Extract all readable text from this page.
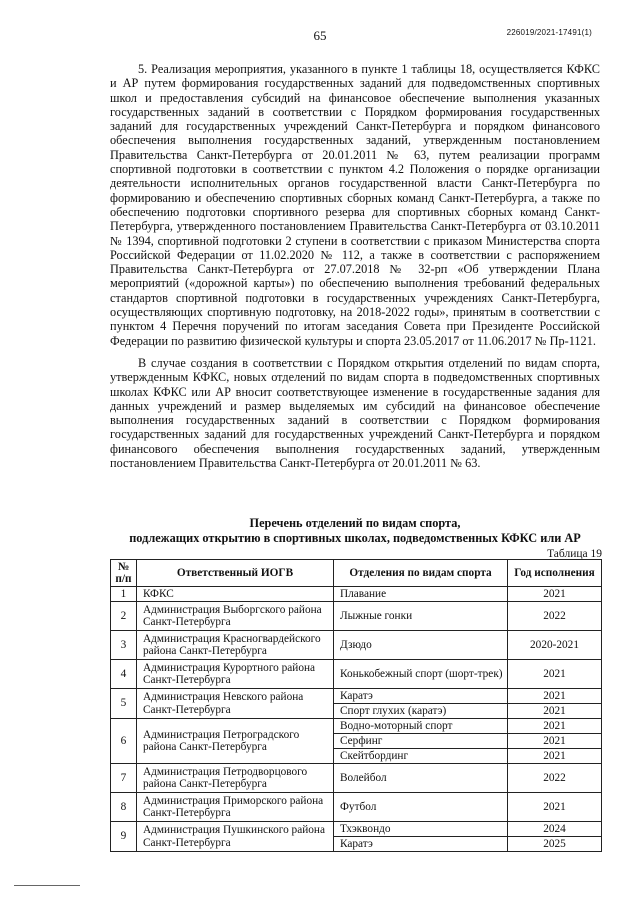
65	226019/2021-17491(1)

5. Реализация мероприятия, указанного в пункте 1 таблицы 18, осуществляется КФКС и АР путем формирования государственных заданий для подведомственных спортивных школ и предоставления субсидий на финансовое обеспечение выполнения указанных государственных заданий в соответствии с Порядком формирования государственных заданий для государственных учреждений Санкт-Петербурга и порядком финансового обеспечения выполнения государственных заданий, утвержденным постановлением Правительства Санкт-Петербурга от 20.01.2011 № 63, путем реализации программ спортивной подготовки в соответствии с пунктом 4.2 Положения о порядке организации деятельности исполнительных органов государственной власти Санкт-Петербурга по формированию и обеспечению спортивных сборных команд Санкт-Петербурга, а также по обеспечению подготовки спортивного резерва для спортивных сборных команд Санкт-Петербурга, утвержденного постановлением Правительства Санкт-Петербурга от 03.10.2011 № 1394, спортивной подготовки 2 ступени в соответствии с приказом Министерства спорта Российской Федерации от 11.02.2020 № 112, а также в соответствии с распоряжением Правительства Санкт-Петербурга от 27.07.2018 № 32-рп «Об утверждении Плана мероприятий («дорожной карты») по обеспечению выполнения требований федеральных стандартов спортивной подготовки в государственных учреждениях Санкт-Петербурга, осуществляющих спортивную подготовку, на 2018-2022 годы», принятым в соответствии с пунктом 4 Перечня поручений по итогам заседания Совета при Президенте Российской Федерации по развитию физической культуры и спорта 23.05.2017 от 11.06.2017 № Пр-1121.

В случае создания в соответствии с Порядком открытия отделений по видам спорта, утвержденным КФКС, новых отделений по видам спорта в подведомственных спортивных школах КФКС или АР вносит соответствующее изменение в государственные задания для данных учреждений и размер выделяемых им субсидий на финансовое обеспечение выполнения государственных заданий в соответствии с Порядком формирования государственных заданий для государственных учреждений Санкт-Петербурга и порядком финансового обеспечения выполнения государственных заданий, утвержденным постановлением Правительства Санкт-Петербурга от 20.01.2011 № 63.

Перечень отделений по видам спорта,
подлежащих открытию в спортивных школах, подведомственных КФКС или АР
Таблица 19
№ п/п	Ответственный ИОГВ	Отделения по видам спорта	Год исполнения
1	КФКС	Плавание	2021
2	Администрация Выборгского района Санкт-Петербурга	Лыжные гонки	2022
3	Администрация Красногвардейского района Санкт-Петербурга	Дзюдо	2020-2021
4	Администрация Курортного района Санкт-Петербурга	Конькобежный спорт (шорт-трек)	2021
5	Администрация Невского района Санкт-Петербурга	Каратэ	2021
		Спорт глухих (каратэ)	2021
6	Администрация Петроградского района Санкт-Петербурга	Водно-моторный спорт	2021
		Серфинг	2021
		Скейтбординг	2021
7	Администрация Петродворцового района Санкт-Петербурга	Волейбол	2022
8	Администрация Приморского района Санкт-Петербурга	Футбол	2021
9	Администрация Пушкинского района Санкт-Петербурга	Тхэквондо	2024
		Каратэ	2025
